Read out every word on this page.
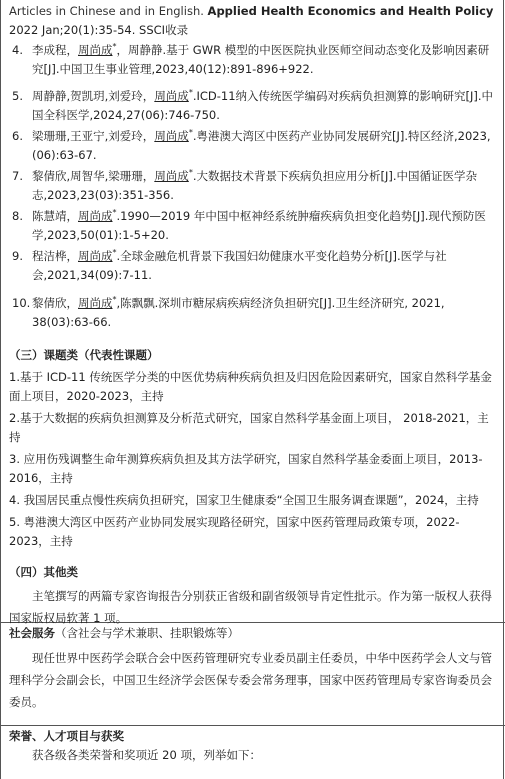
Articles in Chinese and in English. Applied Health Economics and Health Policy
2022 Jan;20(1):35-54. SSCI收录

4. 李成程，周尚成*，周静静.基于 GWR 模型的中医医院执业医师空间动态变化及影响因素研究[J].中国卫生事业管理,2023,40(12):891-896+922.
5. 周静静,贺凯玥,刘爱玲，周尚成*.ICD-11纳入传统医学编码对疾病负担测算的影响研究[J].中国全科医学,2024,27(06):746-750.
6. 梁珊珊,王亚宁,刘爱玲，周尚成*.粤港澳大湾区中医药产业协同发展研究[J].特区经济,2023,(06):63-67.
7. 黎倩欣,周智华,梁珊珊，周尚成*.大数据技术背景下疾病负担应用分析[J].中国循证医学杂志,2023,23(03):351-356.
8. 陈慧靖，周尚成*.1990—2019 年中国中枢神经系统肿瘤疾病负担变化趋势[J].现代预防医学,2023,50(01):1-5+20.
9. 程洁桦，周尚成*.全球金融危机背景下我国妇幼健康水平变化趋势分析[J].医学与社会,2021,34(09):7-11.
10. 黎倩欣，周尚成*,陈飘飘.深圳市糖尿病疾病经济负担研究[J].卫生经济研究, 2021, 38(03):63-66.

（三）课题类（代表性课题）

1.基于 ICD-11 传统医学分类的中医优势病种疾病负担及归因危险因素研究，国家自然科学基金面上项目，2020-2023，主持

2.基于大数据的疾病负担测算及分析范式研究，国家自然科学基金面上项目， 2018-2021，主持

3. 应用伤残调整生命年测算疾病负担及其方法学研究，国家自然科学基金委面上项目，2013-2016，主持

4. 我国居民重点慢性疾病负担研究，国家卫生健康委“全国卫生服务调查课题”，2024，主持

5. 粤港澳大湾区中医药产业协同发展实现路径研究，国家中医药管理局政策专项，2022-2023，主持

（四）其他类

主笔撰写的两篇专家咨询报告分别获正省级和副省级领导肯定性批示。作为第一版权人获得国家版权局软著 1 项。

社会服务（含社会与学术兼职、挂职锻炼等）

现任世界中医药学会联合会中医药管理研究专业委员副主任委员，中华中医药学会人文与管理科学分会副会长，中国卫生经济学会医保专委会常务理事，国家中医药管理局专家咨询委员会委员。

荣誉、人才项目与获奖

获各级各类荣誉和奖项近 20 项，列举如下：
